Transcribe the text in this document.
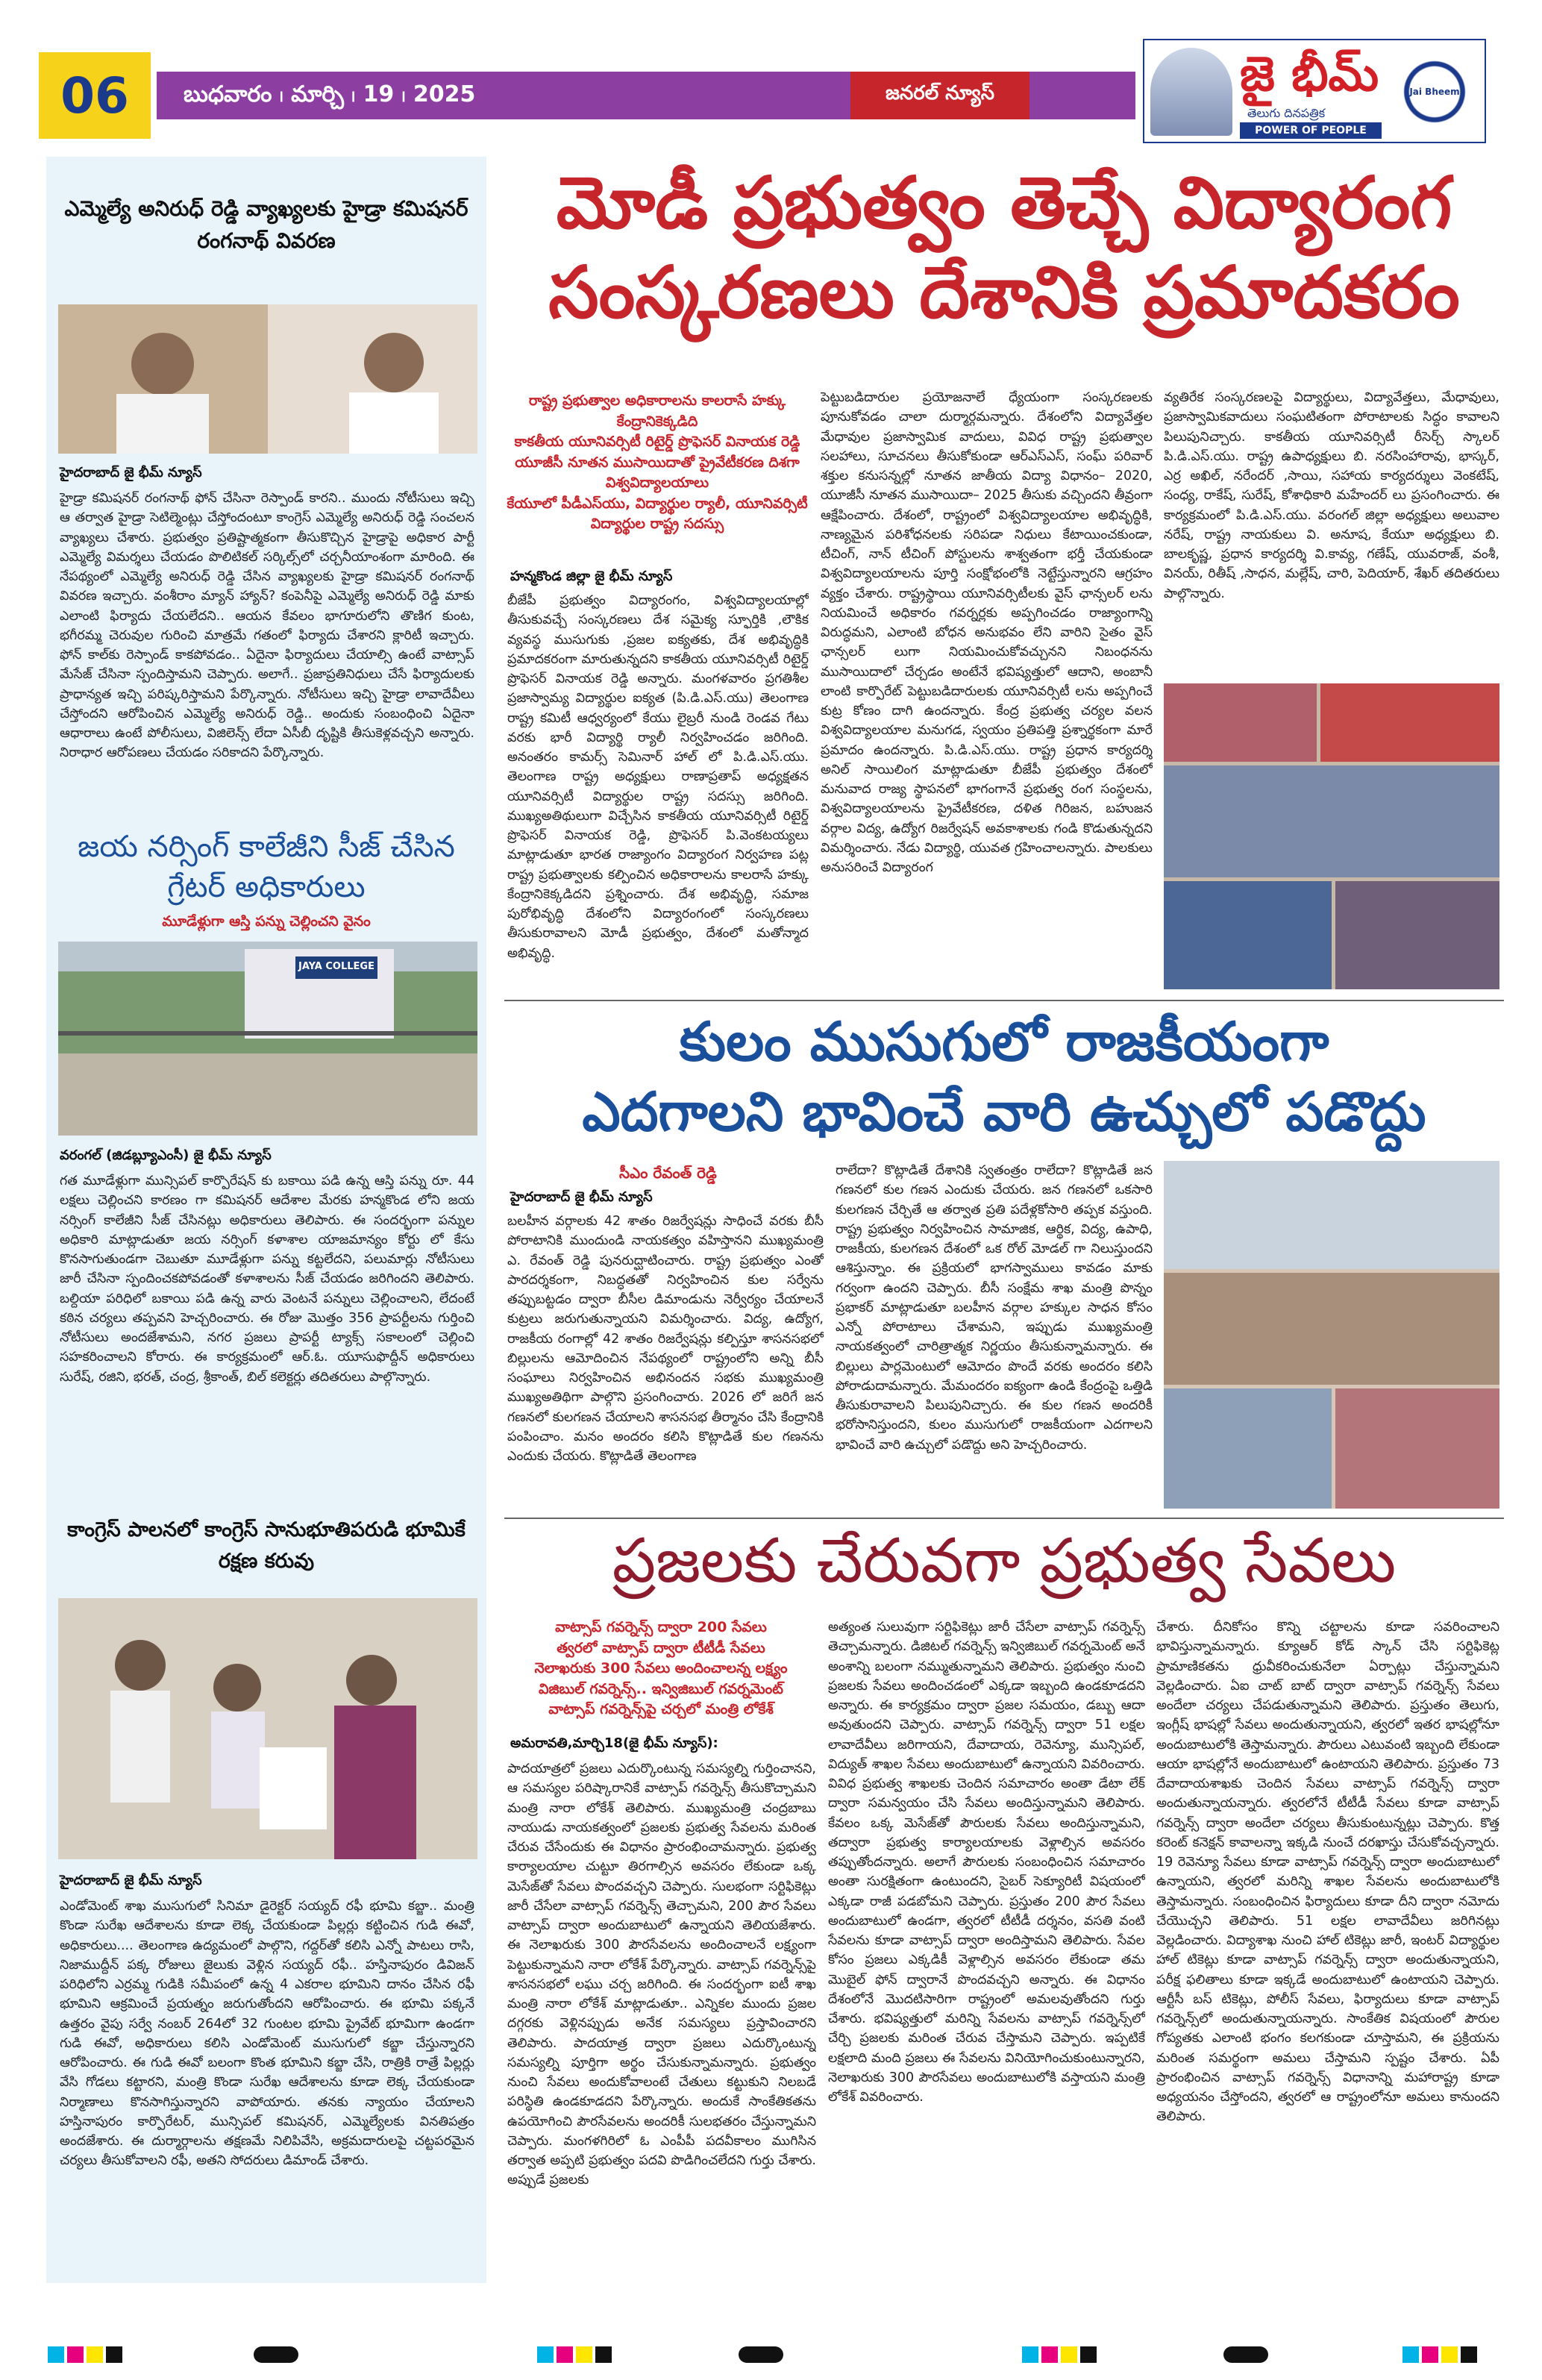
06	బుధవారం ၊ మార్చి ၊ 19 ၊ 2025	జనరల్ న్యూస్	జై భీమ్
తెలుగు దినపత్రిక
POWER OF PEOPLE
Jai Bheem
ఎమ్మెల్యే అనిరుధ్ రెడ్డి వ్యాఖ్యలకు హైడ్రా కమిషనర్ రంగనాథ్ వివరణ
హైదరాబాద్ జై భీమ్ న్యూస్
హైడ్రా కమిషనర్ రంగనాథ్ ఫోన్ చేసినా రెస్పాండ్ కారని.. ముందు నోటీసులు ఇచ్చి ఆ తర్వాత హైడ్రా సెటిల్మెంట్లు చేస్తోందంటూ కాంగ్రెస్ ఎమ్మెల్యే అనిరుధ్ రెడ్డి సంచలన వ్యాఖ్యలు చేశారు. ప్రభుత్వం ప్రతిష్టాత్మకంగా తీసుకొచ్చిన హైడ్రాపై అధికార పార్టీ ఎమ్మెల్యే విమర్శలు చేయడం పొలిటికల్ సర్కిల్స్‌లో చర్చనీయాంశంగా మారింది. ఈ నేపథ్యంలో ఎమ్మెల్యే అనిరుధ్ రెడ్డి చేసిన వ్యాఖ్యలకు హైడ్రా కమిషనర్ రంగనాథ్ వివరణ ఇచ్చారు. వంశీరాం మ్యాన్ హ్యాన్? కంపెనీపై ఎమ్మెల్యే అనిరుధ్ రెడ్డి మాకు ఎలాంటి ఫిర్యాదు చేయలేదని.. ఆయన కేవలం భాగూరులోని తొణిగ కుంట, భగీరమ్మ చెరువుల గురించి మాత్రమే గతంలో ఫిర్యాదు చేశారని క్లారిటీ ఇచ్చారు. ఫోన్ కాల్‌కు రెస్పాండ్ కాకపోవడం.. ఏదైనా ఫిర్యాదులు చేయాల్సి ఉంటే వాట్సాప్ మేసేజ్ చేసినా స్పందిస్తామని చెప్పారు. అలాగే.. ప్రజాప్రతినిధులు చేసే ఫిర్యాదులకు ప్రాధాన్యత ఇచ్చి పరిష్కరిస్తామని పేర్కొన్నారు. నోటీసులు ఇచ్చి హైడ్రా లావాదేవీలు చేస్తోందని ఆరోపించిన ఎమ్మెల్యే అనిరుధ్ రెడ్డి.. అందుకు సంబంధించి ఏదైనా ఆధారాలు ఉంటే పోలీసులు, విజిలెన్స్ లేదా ఏసీబీ దృష్టికి తీసుకెళ్లవచ్చని అన్నారు. నిరాధార ఆరోపణలు చేయడం సరికాదని పేర్కొన్నారు.
జయ నర్సింగ్ కాలేజీని సీజ్ చేసిన గ్రేటర్ అధికారులు
మూడేళ్లుగా ఆస్తి పన్ను చెల్లించని వైనం
JAYA COLLEGE
వరంగల్ (జిడబ్ల్యూఎంసీ) జై భీమ్ న్యూస్
గత మూడేళ్లుగా మున్సిపల్ కార్పొరేషన్ కు బకాయి పడి ఉన్న ఆస్తి పన్ను రూ. 44 లక్షలు చెల్లించని కారణం గా కమిషనర్ ఆదేశాల మేరకు హన్మకొండ లోని జయ నర్సింగ్ కాలేజీని సీజ్ చేసినట్లు అధికారులు తెలిపారు. ఈ సందర్భంగా పన్నుల అధికారి మాట్లాడుతూ జయ నర్సింగ్ కళాశాల యాజమాన్యం కోర్టు లో కేసు కొనసాగుతుండగా చెబుతూ మూడేళ్లుగా పన్ను కట్టలేదని, పలుమార్లు నోటీసులు జారీ చేసినా స్పందించకపోవడంతో కళాశాలను సీజ్ చేయడం జరిగిందని తెలిపారు. బల్దియా పరిధిలో బకాయి పడి ఉన్న వారు వెంటనే పన్నులు చెల్లించాలని, లేదంటే కఠిన చర్యలు తప్పవని హెచ్చరించారు. ఈ రోజు మొత్తం 356 ప్రాపర్టీలను గుర్తించి నోటీసులు అందజేశామని, నగర ప్రజలు ప్రాపర్టీ ట్యాక్స్ సకాలంలో చెల్లించి సహకరించాలని కోరారు. ఈ కార్యక్రమంలో ఆర్.ఓ. యూసుఫొద్దీన్ అధికారులు సురేష్, రజిని, భరత్, చంద్ర, శ్రీకాంత్, బిల్ కలెక్టర్లు తదితరులు పాల్గొన్నారు.
కాంగ్రెస్ పాలనలో కాంగ్రెస్ సానుభూతిపరుడి భూమికే రక్షణ కరువు
హైదరాబాద్ జై భీమ్ న్యూస్
ఎండోమెంట్ శాఖ ముసుగులో సినిమా డైరెక్టర్ సయ్యద్ రఫీ భూమి కబ్జా.. మంత్రి కొండా సురేఖ ఆదేశాలను కూడా లెక్క చేయకుండా పిల్లర్లు కట్టించిన గుడి ఈవో, అధికారులు.... తెలంగాణ ఉద్యమంలో పాల్గొని, గద్దర్‌తో కలిసి ఎన్నో పాటలు రాసి, నిజాముద్దీన్ పక్క రోజులు జైలుకు వెళ్లిన సయ్యద్ రఫీ.. హస్తినాపురం డివిజన్ పరిధిలోని ఎర్రమ్మ గుడికి సమీపంలో ఉన్న 4 ఎకరాల భూమిని దానం చేసిన రఫీ భూమిని ఆక్రమించే ప్రయత్నం జరుగుతోందని ఆరోపించారు. ఈ భూమి పక్కనే ఉత్తరం వైపు సర్వే నంబర్ 264లో 32 గుంటల భూమి ప్రైవేట్ భూమిగా ఉండగా గుడి ఈవో, అధికారులు కలిసి ఎండోమెంట్ ముసుగులో కబ్జా చేస్తున్నారని ఆరోపించారు. ఈ గుడి ఈవో బలంగా కొంత భూమిని కబ్జా చేసి, రాత్రికి రాత్రే పిల్లర్లు వేసి గోడలు కట్టారని, మంత్రి కొండా సురేఖ ఆదేశాలను కూడా లెక్క చేయకుండా నిర్మాణాలు కొనసాగిస్తున్నారని వాపోయారు. తనకు న్యాయం చేయాలని హస్తినాపురం కార్పొరేటర్, మున్సిపల్ కమిషనర్, ఎమ్మెల్యేలకు వినతిపత్రం అందజేశారు. ఈ దుర్మార్గాలను తక్షణమే నిలిపివేసి, అక్రమదారులపై చట్టపరమైన చర్యలు తీసుకోవాలని రఫీ, అతని సోదరులు డిమాండ్ చేశారు.
మోడీ ప్రభుత్వం తెచ్చే విద్యారంగ
సంస్కరణలు దేశానికి ప్రమాదకరం
రాష్ట్ర ప్రభుత్వాల అధికారాలను కాలరాసే హక్కు కేంద్రానికెక్కడిది
కాకతీయ యూనివర్సిటీ రిటైర్డ్ ప్రొఫెసర్ వినాయక రెడ్డి
యూజీసీ నూతన ముసాయిదాతో ప్రైవేటీకరణ దిశగా విశ్వవిద్యాలయాలు
కేయూలో పీడీఎస్‌యు, విద్యార్థుల ర్యాలీ, యూనివర్సిటీ విద్యార్థుల రాష్ట్ర సదస్సు
హన్మకొండ జిల్లా జై భీమ్ న్యూస్
బీజేపీ ప్రభుత్వం విద్యారంగం, విశ్వవిద్యాలయాల్లో తీసుకువచ్చే సంస్కరణలు దేశ సమైక్య స్ఫూర్తికి ,లౌకిక వ్యవస్థ ముసుగుకు ,ప్రజల ఐక్యతకు, దేశ అభివృద్ధికి ప్రమాదకరంగా మారుతున్నదని కాకతీయ యూనివర్సిటీ రిటైర్డ్ ప్రొఫెసర్ వినాయక రెడ్డి అన్నారు. మంగళవారం ప్రగతిశీల ప్రజాస్వామ్య విద్యార్థుల ఐక్యత (పి.డి.ఎస్.యు) తెలంగాణ రాష్ట్ర కమిటీ ఆధ్వర్యంలో కేయు లైబ్రరీ నుండి రెండవ గేటు వరకు భారీ విద్యార్థి ర్యాలీ నిర్వహించడం జరిగింది. అనంతరం కామర్స్ సెమినార్ హాల్ లో పి.డి.ఎస్.యు. తెలంగాణ రాష్ట్ర అధ్యక్షులు రాణాప్రతాప్ అధ్యక్షతన యూనివర్సిటీ విద్యార్థుల రాష్ట్ర సదస్సు జరిగింది. ముఖ్యఅతిథులుగా విచ్చేసిన కాకతీయ యూనివర్సిటీ రిటైర్డ్ ప్రొఫెసర్ వినాయక రెడ్డి, ప్రొఫెసర్ పి.వెంకటయ్యలు మాట్లాడుతూ భారత రాజ్యాంగం విద్యారంగ నిర్వహణ పట్ల రాష్ట్ర ప్రభుత్వాలకు కల్పించిన అధికారాలను కాలరాసే హక్కు కేంద్రానికెక్కడిదని ప్రశ్నించారు. దేశ అభివృద్ధి, సమాజ పురోభివృద్ధి దేశంలోని విద్యారంగంలో సంస్కరణలు తీసుకురావాలని మోడీ ప్రభుత్వం, దేశంలో మతోన్మాద అభివృద్ధి.
పెట్టుబడిదారుల ప్రయోజనాలే ధ్యేయంగా సంస్కరణలకు పూనుకోవడం చాలా దుర్మార్గమన్నారు. దేశంలోని విద్యావేత్తల మేధావుల ప్రజాస్వామిక వాదులు, వివిధ రాష్ట్ర ప్రభుత్వాల సలహాలు, సూచనలు తీసుకోకుండా ఆర్ఎస్ఎస్, సంఘ్ పరివార్ శక్తుల కనుసన్నల్లో నూతన జాతీయ విద్యా విధానం– 2020, యూజీసీ నూతన ముసాయిదా– 2025 తీసుకు వచ్చిందని తీవ్రంగా ఆక్షేపించారు. దేశంలో, రాష్ట్రంలో విశ్వవిద్యాలయాల అభివృద్ధికి, నాణ్యమైన పరిశోధనలకు సరిపడా నిధులు కేటాయించకుండా, టీచింగ్, నాన్ టీచింగ్ పోస్టులను శాశ్వతంగా భర్తీ చేయకుండా విశ్వవిద్యాలయాలను పూర్తి సంక్షోభంలోకి నెట్టేస్తున్నారని ఆగ్రహం వ్యక్తం చేశారు. రాష్ట్రస్థాయి యూనివర్సిటీలకు వైస్ ఛాన్సలర్ లను నియమించే అధికారం గవర్నర్లకు అప్పగించడం రాజ్యాంగాన్ని విరుద్ధమని, ఎలాంటి బోధన అనుభవం లేని వారిని సైతం వైస్ ఛాన్సలర్ లుగా నియమించుకోవచ్చునని నిబంధనను ముసాయిదాలో చేర్చడం అంటేనే భవిష్యత్తులో ఆదాని, అంబానీ లాంటి కార్పొరేట్ పెట్టుబడిదారులకు యూనివర్సిటీ లను అప్పగించే కుట్ర కోణం దాగి ఉందన్నారు. కేంద్ర ప్రభుత్వ చర్యల వలన విశ్వవిద్యాలయాల మనుగడ, స్వయం ప్రతిపత్తి ప్రశ్నార్థకంగా మారే ప్రమాదం ఉందన్నారు. పి.డి.ఎస్.యు. రాష్ట్ర ప్రధాన కార్యదర్శి అనిల్ సాయిలింగ మాట్లాడుతూ బీజేపీ ప్రభుత్వం దేశంలో మనువాద రాజ్య స్థాపనలో భాగంగానే ప్రభుత్వ రంగ సంస్థలను, విశ్వవిద్యాలయాలను ప్రైవేటీకరణ, దళిత గిరిజన, బహుజన వర్గాల విద్య, ఉద్యోగ రిజర్వేషన్ అవకాశాలకు గండి కొడుతున్నదని విమర్శించారు. నేడు విద్యార్థి, యువత గ్రహించాలన్నారు. పాలకులు అనుసరించే విద్యారంగ
వ్యతిరేక సంస్కరణలపై విద్యార్థులు, విద్యావేత్తలు, మేధావులు, ప్రజాస్వామికవాదులు సంఘటితంగా పోరాటాలకు సిద్ధం కావాలని పిలుపునిచ్చారు. కాకతీయ యూనివర్సిటీ రీసెర్చ్ స్కాలర్ పి.డి.ఎస్.యు. రాష్ట్ర ఉపాధ్యక్షులు బి. నరసింహారావు, భాస్కర్, ఎర్ర అఖిల్, నరేందర్ ,సాయి, సహాయ కార్యదర్శులు వెంకటేష్, సంధ్య, రాకేష్, సురేష్, కోశాధికారి మహేందర్ లు ప్రసంగించారు. ఈ కార్యక్రమంలో పి.డి.ఎస్.యు. వరంగల్ జిల్లా అధ్యక్షులు అలువాల నరేష్, రాష్ట్ర నాయకులు వి. అనూష, కేయూ అధ్యక్షులు బి. బాలకృష్ణ, ప్రధాన కార్యదర్శి వి.కావ్య, గణేష్, యువరాజ్, వంశీ, వినయ్, రితీష్ ,సాధన, మల్లేష్, చారి, పెదియార్, శేఖర్ తదితరులు పాల్గొన్నారు.
కులం ముసుగులో రాజకీయంగా
ఎదగాలని భావించే వారి ఉచ్చులో పడొద్దు
సీఎం రేవంత్ రెడ్డి
హైదరాబాద్ జై భీమ్ న్యూస్
బలహీన వర్గాలకు 42 శాతం రిజర్వేషన్లు సాధించే వరకు బీసీ పోరాటానికి ముందుండి నాయకత్వం వహిస్తానని ముఖ్యమంత్రి ఎ. రేవంత్ రెడ్డి పునరుద్ఘాటించారు. రాష్ట్ర ప్రభుత్వం ఎంతో పారదర్శకంగా, నిబద్ధతతో నిర్వహించిన కుల సర్వేను తప్పుబట్టడం ద్వారా బీసీల డిమాండును నెర్వీర్యం చేయాలనే కుట్రలు జరుగుతున్నాయని విమర్శించారు. విద్య, ఉద్యోగ, రాజకీయ రంగాల్లో 42 శాతం రిజర్వేషన్లు కల్పిస్తూ శాసనసభలో బిల్లులను ఆమోదించిన నేపథ్యంలో రాష్ట్రంలోని అన్ని బీసీ సంఘాలు నిర్వహించిన అభినందన సభకు ముఖ్యమంత్రి ముఖ్యఅతిథిగా పాల్గొని ప్రసంగించారు. 2026 లో జరిగే జన గణనలో కులగణన చేయాలని శాసనసభ తీర్మానం చేసి కేంద్రానికి పంపించాం. మనం అందరం కలిసి కొట్లాడితే కుల గణనను ఎందుకు చేయరు. కొట్లాడితే తెలంగాణ
రాలేదా? కొట్లాడితే దేశానికి స్వతంత్రం రాలేదా? కొట్లాడితే జన గణనలో కుల గణన ఎందుకు చేయరు. జన గణనలో ఒకసారి కులగణన చేర్చితే ఆ తర్వాత ప్రతి పదేళ్లకోసారి తప్పక వస్తుంది. రాష్ట్ర ప్రభుత్వం నిర్వహించిన సామాజిక, ఆర్థిక, విద్య, ఉపాధి, రాజకీయ, కులగణన దేశంలో ఒక రోల్ మోడల్ గా నిలుస్తుందని ఆశిస్తున్నాం. ఈ ప్రక్రియలో భాగస్వాములు కావడం మాకు గర్వంగా ఉందని చెప్పారు. బీసీ సంక్షేమ శాఖ మంత్రి పొన్నం ప్రభాకర్ మాట్లాడుతూ బలహీన వర్గాల హక్కుల సాధన కోసం ఎన్నో పోరాటాలు చేశామని, ఇప్పుడు ముఖ్యమంత్రి నాయకత్వంలో చారిత్రాత్మక నిర్ణయం తీసుకున్నామన్నారు. ఈ బిల్లులు పార్లమెంటులో ఆమోదం పొందే వరకు అందరం కలిసి పోరాడుదామన్నారు. మేమందరం ఐక్యంగా ఉండి కేంద్రంపై ఒత్తిడి తీసుకురావాలని పిలుపునిచ్చారు. ఈ కుల గణన అందరికీ భరోసానిస్తుందని, కులం ముసుగులో రాజకీయంగా ఎదగాలని భావించే వారి ఉచ్చులో పడొద్దు అని హెచ్చరించారు.
ప్రజలకు చేరువగా ప్రభుత్వ సేవలు
వాట్సాప్ గవర్నెన్స్ ద్వారా 200 సేవలు
త్వరలో వాట్సాప్ ద్వారా టీటీడీ సేవలు
నెలాఖరుకు 300 సేవలు అందించాలన్న లక్ష్యం
విజిబుల్ గవర్నెన్స్.. ఇన్విజిబుల్ గవర్నమెంట్
వాట్సాప్ గవర్నెన్స్‌పై చర్చలో మంత్రి లోకేశ్
అమరావతి,మార్చి18(జై భీమ్ న్యూస్):
పాదయాత్రలో ప్రజలు ఎదుర్కొంటున్న సమస్యల్ని గుర్తించానని, ఆ సమస్యల పరిష్కారానికే వాట్సాప్ గవర్నెన్స్ తీసుకొచ్చామని మంత్రి నారా లోకేశ్ తెలిపారు. ముఖ్యమంత్రి చంద్రబాబు నాయుడు నాయకత్వంలో ప్రజలకు ప్రభుత్వ సేవలను మరింత చేరువ చేసేందుకు ఈ విధానం ప్రారంభించామన్నారు. ప్రభుత్వ కార్యాలయాల చుట్టూ తిరగాల్సిన అవసరం లేకుండా ఒక్క మెసేజ్‌తో సేవలు పొందవచ్చని చెప్పారు. సులభంగా సర్టిఫికెట్లు జారీ చేసేలా వాట్సాప్ గవర్నెన్స్ తెచ్చామని, 200 పౌర సేవలు వాట్సాప్ ద్వారా అందుబాటులో ఉన్నాయని తెలియజేశారు. ఈ నెలాఖరుకు 300 పౌరసేవలను అందించాలనే లక్ష్యంగా పెట్టుకున్నామని నారా లోకేశ్ పేర్కొన్నారు. వాట్సాప్ గవర్నెన్స్‌పై శాసనసభలో లఘు చర్చ జరిగింది. ఈ సందర్భంగా ఐటీ శాఖ మంత్రి నారా లోకేశ్ మాట్లాడుతూ.. ఎన్నికల ముందు ప్రజల దగ్గరకు వెళ్లినప్పుడు అనేక సమస్యలు ప్రస్తావించారని తెలిపారు. పాదయాత్ర ద్వారా ప్రజలు ఎదుర్కొంటున్న సమస్యల్ని పూర్తిగా అర్థం చేసుకున్నామన్నారు. ప్రభుత్వం నుంచి సేవలు అందుకోవాలంటే చేతులు కట్టుకుని నిలబడే పరిస్థితి ఉండకూడదని పేర్కొన్నారు. అందుకే సాంకేతికతను ఉపయోగించి పౌరసేవలను అందరికీ సులభతరం చేస్తున్నామని చెప్పారు. మంగళగిరిలో ఓ ఎంపీపీ పదవీకాలం ముగిసిన తర్వాత అప్పటి ప్రభుత్వం పదవి పొడిగించలేదని గుర్తు చేశారు. అప్పుడే ప్రజలకు
అత్యంత సులువుగా సర్టిఫికెట్లు జారీ చేసేలా వాట్సాప్ గవర్నెన్స్ తెచ్చామన్నారు. డిజిటల్ గవర్నెన్స్ ఇన్విజిబుల్ గవర్నమెంట్ అనే అంశాన్ని బలంగా నమ్ముతున్నామని తెలిపారు. ప్రభుత్వం నుంచి ప్రజలకు సేవలు అందించడంలో ఎక్కడా ఇబ్బంది ఉండకూడదని అన్నారు. ఈ కార్యక్రమం ద్వారా ప్రజల సమయం, డబ్బు ఆదా అవుతుందని చెప్పారు. వాట్సాప్ గవర్నెన్స్ ద్వారా 51 లక్షల లావాదేవీలు జరిగాయని, దేవాదాయ, రెవెన్యూ, మున్సిపల్, విద్యుత్ శాఖల సేవలు అందుబాటులో ఉన్నాయని వివరించారు. వివిధ ప్రభుత్వ శాఖలకు చెందిన సమాచారం అంతా డేటా లేక్ ద్వారా సమన్వయం చేసి సేవలు అందిస్తున్నామని తెలిపారు. కేవలం ఒక్క మెసేజ్‌తో పౌరులకు సేవలు అందిస్తున్నామని, తద్వారా ప్రభుత్వ కార్యాలయాలకు వెళ్లాల్సిన అవసరం తప్పుతోందన్నారు. అలాగే పౌరులకు సంబంధించిన సమాచారం అంతా సురక్షితంగా ఉంటుందని, సైబర్ సెక్యూరిటీ విషయంలో ఎక్కడా రాజీ పడబోమని చెప్పారు. ప్రస్తుతం 200 పౌర సేవలు అందుబాటులో ఉండగా, త్వరలో టీటీడీ దర్శనం, వసతి వంటి సేవలను కూడా వాట్సాప్ ద్వారా అందిస్తామని తెలిపారు. సేవల కోసం ప్రజలు ఎక్కడికీ వెళ్లాల్సిన అవసరం లేకుండా తమ మొబైల్ ఫోన్ ద్వారానే పొందవచ్చని అన్నారు. ఈ విధానం దేశంలోనే మొదటిసారిగా రాష్ట్రంలో అమలవుతోందని గుర్తు చేశారు. భవిష్యత్తులో మరిన్ని సేవలను వాట్సాప్ గవర్నెన్స్‌లో చేర్చి ప్రజలకు మరింత చేరువ చేస్తామని చెప్పారు. ఇప్పటికే లక్షలాది మంది ప్రజలు ఈ సేవలను వినియోగించుకుంటున్నారని, నెలాఖరుకు 300 పౌరసేవలు అందుబాటులోకి వస్తాయని మంత్రి లోకేశ్ వివరించారు.
చేశారు. దీనికోసం కొన్ని చట్టాలను కూడా సవరించాలని భావిస్తున్నామన్నారు. క్యూఆర్ కోడ్ స్కాన్ చేసి సర్టిఫికెట్ల ప్రామాణికతను ధ్రువీకరించుకునేలా ఏర్పాట్లు చేస్తున్నామని వెల్లడించారు. ఏఐ చాట్ బాట్ ద్వారా వాట్సాప్ గవర్నెన్స్ సేవలు అందేలా చర్యలు చేపడుతున్నామని తెలిపారు. ప్రస్తుతం తెలుగు, ఇంగ్లీష్ భాషల్లో సేవలు అందుతున్నాయని, త్వరలో ఇతర భాషల్లోనూ అందుబాటులోకి తెస్తామన్నారు. పౌరులు ఎటువంటి ఇబ్బంది లేకుండా ఆయా భాషల్లోనే అందుబాటులో ఉంటాయని తెలిపారు. ప్రస్తుతం 73 దేవాదాయశాఖకు చెందిన సేవలు వాట్సాప్ గవర్నెన్స్ ద్వారా అందుతున్నాయన్నారు. త్వరలోనే టీటీడీ సేవలు కూడా వాట్సాప్ గవర్నెన్స్ ద్వారా అందేలా చర్యలు తీసుకుంటున్నట్లు చెప్పారు. కొత్త కరెంట్ కనెక్షన్ కావాలన్నా ఇక్కడి నుంచే దరఖాస్తు చేసుకోవచ్చన్నారు. 19 రెవెన్యూ సేవలు కూడా వాట్సాప్ గవర్నెన్స్ ద్వారా అందుబాటులో ఉన్నాయని, త్వరలో మరిన్ని శాఖల సేవలను అందుబాటులోకి తెస్తామన్నారు. సంబంధించిన ఫిర్యాదులు కూడా దీని ద్వారా నమోదు చేయొచ్చని తెలిపారు. 51 లక్షల లావాదేవీలు జరిగినట్లు వెల్లడించారు. విద్యాశాఖ నుంచి హాల్ టికెట్లు జారీ, ఇంటర్ విద్యార్థుల హాల్ టికెట్లు కూడా వాట్సాప్ గవర్నెన్స్ ద్వారా అందుతున్నాయని, పరీక్ష ఫలితాలు కూడా ఇక్కడే అందుబాటులో ఉంటాయని చెప్పారు. ఆర్టీసీ బస్ టికెట్లు, పోలీస్ సేవలు, ఫిర్యాదులు కూడా వాట్సాప్ గవర్నెన్స్‌లో అందుతున్నాయన్నారు. సాంకేతిక విషయంలో పౌరుల గోప్యతకు ఎలాంటి భంగం కలగకుండా చూస్తామని, ఈ ప్రక్రియను మరింత సమర్థంగా అమలు చేస్తామని స్పష్టం చేశారు. ఏపీ ప్రారంభించిన వాట్సాప్ గవర్నెన్స్ విధానాన్ని మహారాష్ట్ర కూడా అధ్యయనం చేస్తోందని, త్వరలో ఆ రాష్ట్రంలోనూ అమలు కానుందని తెలిపారు.
